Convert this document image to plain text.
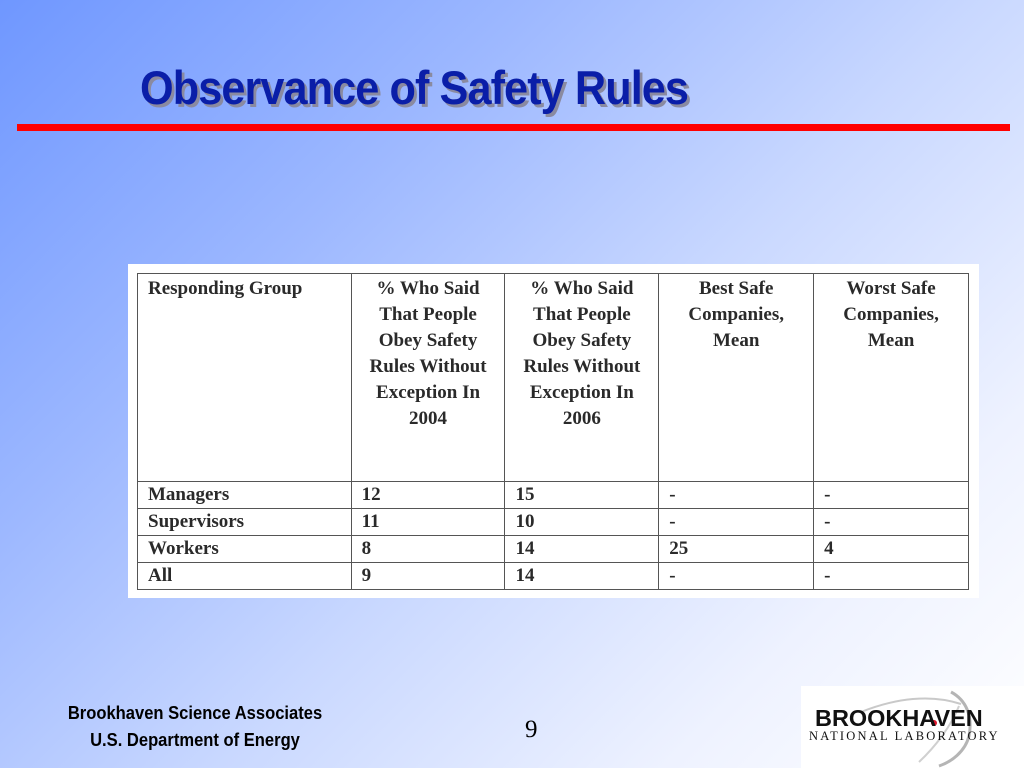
Observance of Safety Rules
Responding Group	% Who Said That People Obey Safety Rules Without Exception In 2004	% Who Said That People Obey Safety Rules Without Exception In 2006	Best Safe Companies, Mean	Worst Safe Companies, Mean
Managers	12	15	-	-
Supervisors	11	10	-	-
Workers	8	14	25	4
All	9	14	-	-
Brookhaven Science Associates
U.S. Department of Energy	9	BROOKHAVEN
NATIONAL LABORATORY
